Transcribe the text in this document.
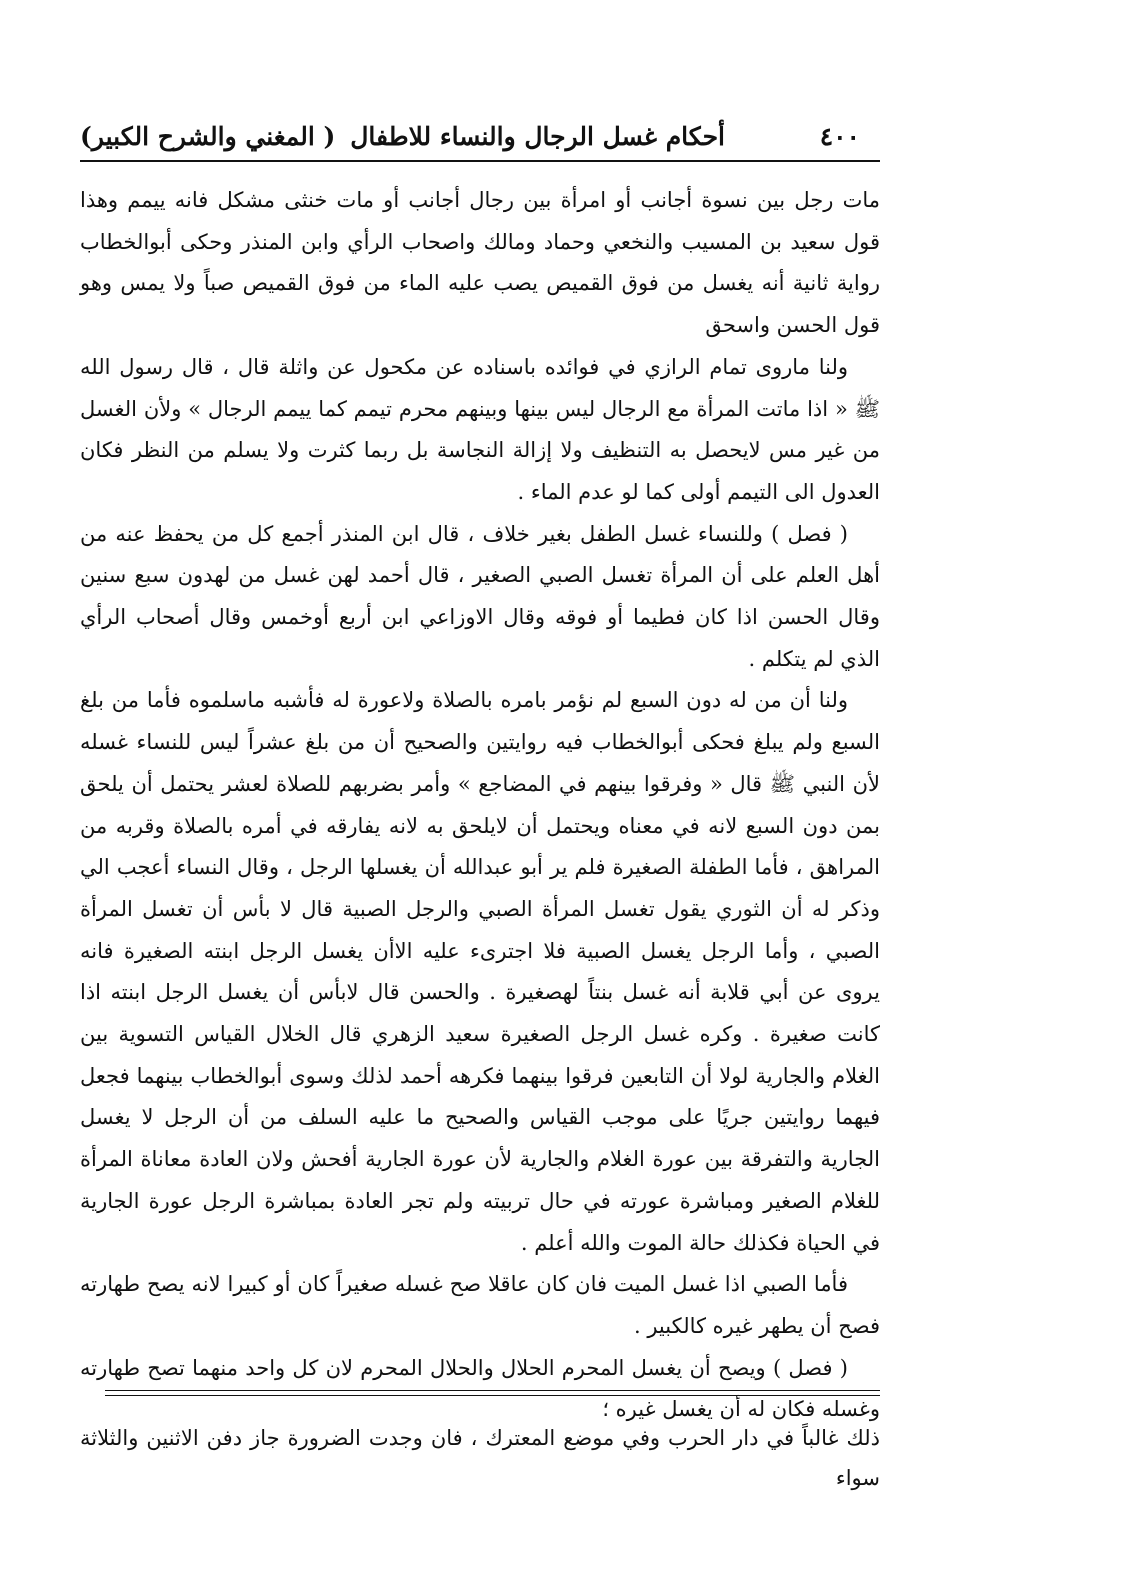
٤٠٠
أحكام غسل الرجال والنساء للاطفال
( المغني والشرح الكبير)

مات رجل بين نسوة أجانب أو امرأة بين رجال أجانب أو مات خنثى مشكل فانه ييمم وهذا قول سعيد بن المسيب والنخعي وحماد ومالك واصحاب الرأي وابن المنذر وحكى أبوالخطاب رواية ثانية أنه يغسل من فوق القميص يصب عليه الماء من فوق القميص صباً ولا يمس وهو قول الحسن واسحق

ولنا ماروى تمام الرازي في فوائده باسناده عن مكحول عن واثلة قال ، قال رسول الله ﷺ « اذا ماتت المرأة مع الرجال ليس بينها وبينهم محرم تيمم كما ييمم الرجال » ولأن الغسل من غير مس لايحصل به التنظيف ولا إزالة النجاسة بل ربما كثرت ولا يسلم من النظر فكان العدول الى التيمم أولى كما لو عدم الماء .

( فصل ) وللنساء غسل الطفل بغير خلاف ، قال ابن المنذر أجمع كل من يحفظ عنه من أهل العلم على أن المرأة تغسل الصبي الصغير ، قال أحمد لهن غسل من لهدون سبع سنين وقال الحسن اذا كان فطيما أو فوقه وقال الاوزاعي ابن أربع أوخمس وقال أصحاب الرأي الذي لم يتكلم .

ولنا أن من له دون السبع لم نؤمر بامره بالصلاة ولاعورة له فأشبه ماسلموه فأما من بلغ السبع ولم يبلغ فحكى أبوالخطاب فيه روايتين والصحيح أن من بلغ عشراً ليس للنساء غسله لأن النبي ﷺ قال « وفرقوا بينهم في المضاجع » وأمر بضربهم للصلاة لعشر يحتمل أن يلحق بمن دون السبع لانه في معناه ويحتمل أن لايلحق به لانه يفارقه في أمره بالصلاة وقربه من المراهق ، فأما الطفلة الصغيرة فلم ير أبو عبدالله أن يغسلها الرجل ، وقال النساء أعجب الي وذكر له أن الثوري يقول تغسل المرأة الصبي والرجل الصبية قال لا بأس أن تغسل المرأة الصبي ، وأما الرجل يغسل الصبية فلا اجترىء عليه الاأن يغسل الرجل ابنته الصغيرة فانه يروى عن أبي قلابة أنه غسل بنتاً لهصغيرة . والحسن قال لابأس أن يغسل الرجل ابنته اذا كانت صغيرة . وكره غسل الرجل الصغيرة سعيد الزهري قال الخلال القياس التسوية بين الغلام والجارية لولا أن التابعين فرقوا بينهما فكرهه أحمد لذلك وسوى أبوالخطاب بينهما فجعل فيهما روايتين جريًا على موجب القياس والصحيح ما عليه السلف من أن الرجل لا يغسل الجارية والتفرقة بين عورة الغلام والجارية لأن عورة الجارية أفحش ولان العادة معاناة المرأة للغلام الصغير ومباشرة عورته في حال تربيته ولم تجر العادة بمباشرة الرجل عورة الجارية في الحياة فكذلك حالة الموت والله أعلم .

فأما الصبي اذا غسل الميت فان كان عاقلا صح غسله صغيراً كان أو كبيرا لانه يصح طهارته فصح أن يطهر غيره كالكبير .

( فصل ) ويصح أن يغسل المحرم الحلال والحلال المحرم لان كل واحد منهما تصح طهارته وغسله فكان له أن يغسل غيره ؛

ذلك غالباً في دار الحرب وفي موضع المعترك ، فان وجدت الضرورة جاز دفن الاثنين والثلاثة سواء
